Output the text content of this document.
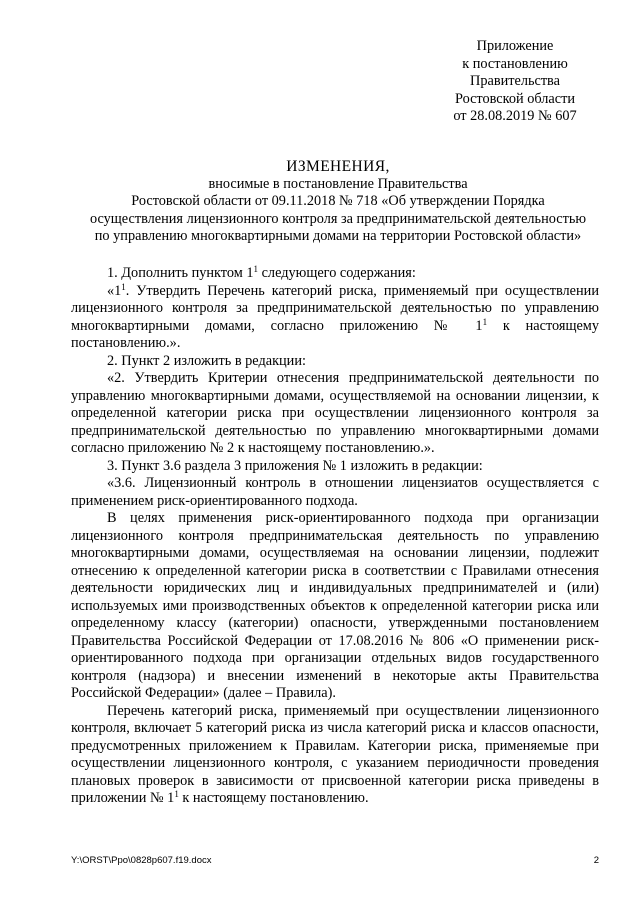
Приложение
к постановлению
Правительства
Ростовской области
от 28.08.2019 № 607
ИЗМЕНЕНИЯ,
вносимые в постановление Правительства
Ростовской области от 09.11.2018 № 718 «Об утверждении Порядка
осуществления лицензионного контроля за предпринимательской деятельностью
по управлению многоквартирными домами на территории Ростовской области»

1. Дополнить пунктом $1^1$ следующего содержания:

«$1^1$. Утвердить Перечень категорий риска, применяемый при осуществлении лицензионного контроля за предпринимательской деятельностью по управлению многоквартирными домами, согласно приложению № $1^1$ к настоящему постановлению.».

2. Пункт 2 изложить в редакции:

«2. Утвердить Критерии отнесения предпринимательской деятельности по управлению многоквартирными домами, осуществляемой на основании лицензии, к определенной категории риска при осуществлении лицензионного контроля за предпринимательской деятельностью по управлению многоквартирными домами согласно приложению № 2 к настоящему постановлению.».

3. Пункт 3.6 раздела 3 приложения № 1 изложить в редакции:

«3.6. Лицензионный контроль в отношении лицензиатов осуществляется с применением риск-ориентированного подхода.

В целях применения риск-ориентированного подхода при организации лицензионного контроля предпринимательская деятельность по управлению многоквартирными домами, осуществляемая на основании лицензии, подлежит отнесению к определенной категории риска в соответствии с Правилами отнесения деятельности юридических лиц и индивидуальных предпринимателей и (или) используемых ими производственных объектов к определенной категории риска или определенному классу (категории) опасности, утвержденными постановлением Правительства Российской Федерации от 17.08.2016 № 806 «О применении риск-ориентированного подхода при организации отдельных видов государственного контроля (надзора) и внесении изменений в некоторые акты Правительства Российской Федерации» (далее – Правила).

Перечень категорий риска, применяемый при осуществлении лицензионного контроля, включает 5 категорий риска из числа категорий риска и классов опасности, предусмотренных приложением к Правилам. Категории риска, применяемые при осуществлении лицензионного контроля, с указанием периодичности проведения плановых проверок в зависимости от присвоенной категории риска приведены в приложении № $1^1$ к настоящему постановлению.

Y:\ORST\Ppo\0828p607.f19.docx	2
